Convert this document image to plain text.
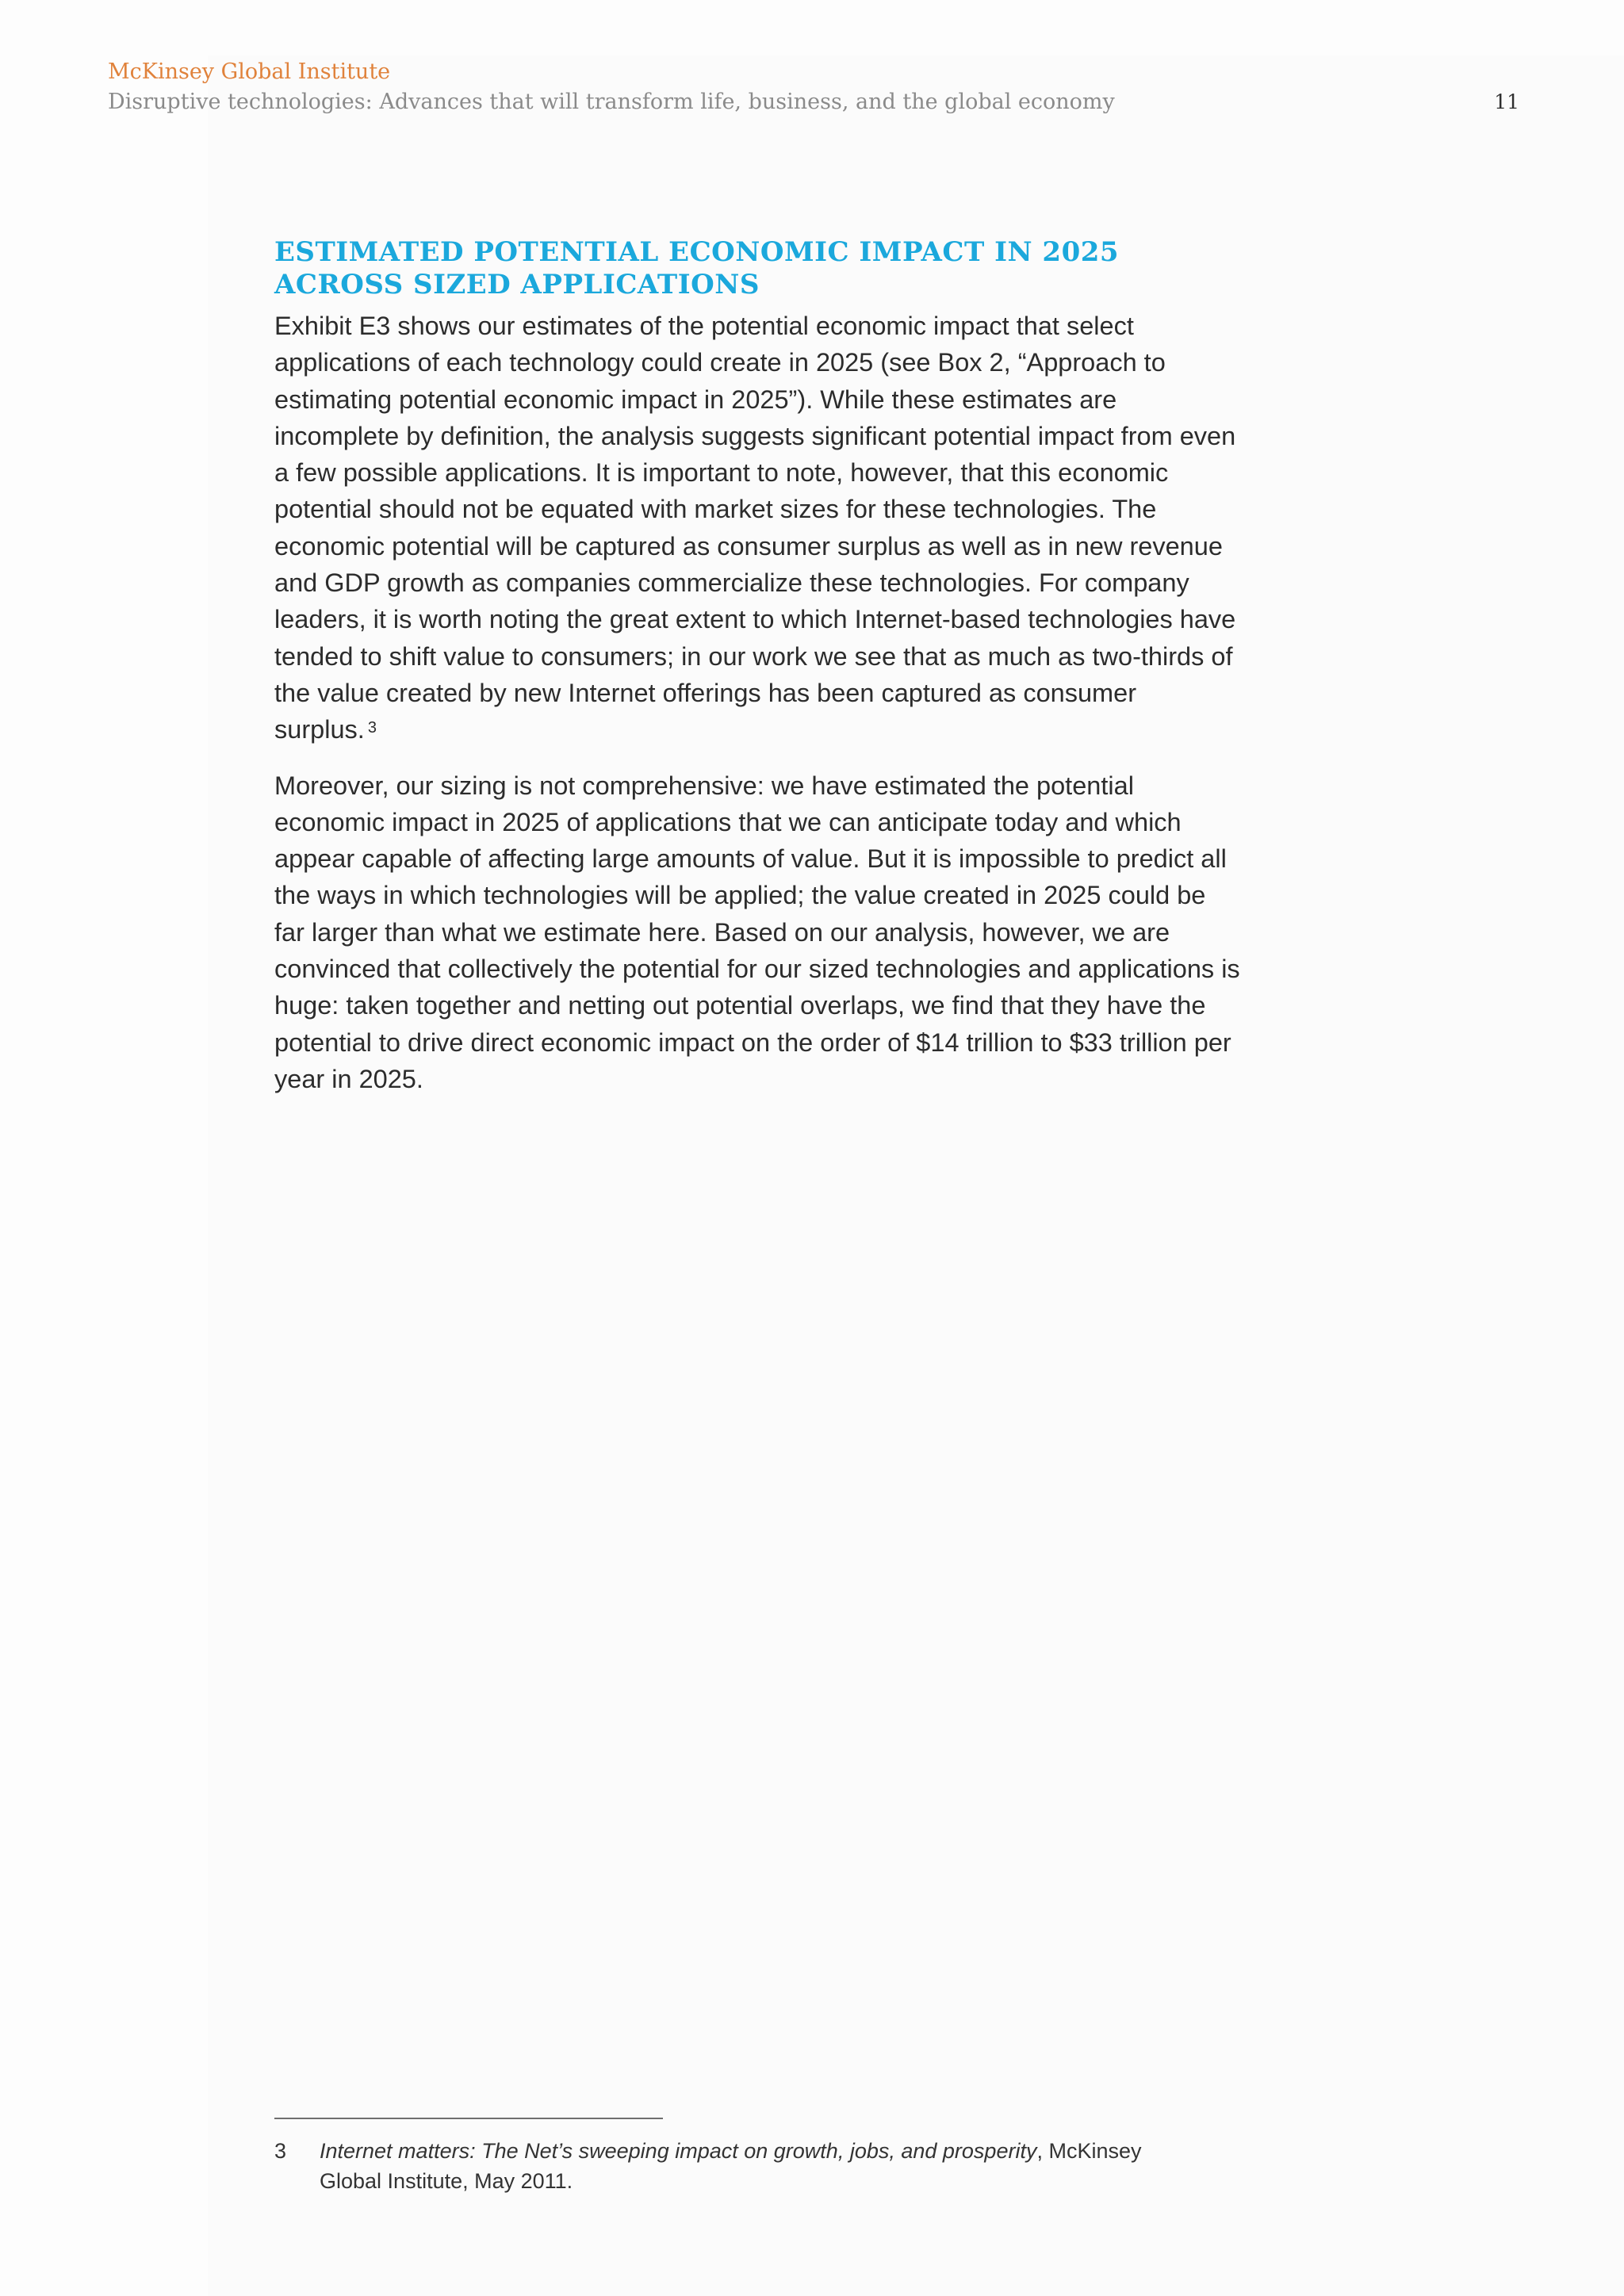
McKinsey Global Institute

Disruptive technologies: Advances that will transform life, business, and the global economy	11
ESTIMATED POTENTIAL ECONOMIC IMPACT IN 2025 ACROSS SIZED APPLICATIONS

Exhibit E3 shows our estimates of the potential economic impact that select applications of each technology could create in 2025 (see Box 2, “Approach to estimating potential economic impact in 2025”). While these estimates are incomplete by definition, the analysis suggests significant potential impact from even a few possible applications. It is important to note, however, that this economic potential should not be equated with market sizes for these technologies. The economic potential will be captured as consumer surplus as well as in new revenue and GDP growth as companies commercialize these technologies. For company leaders, it is worth noting the great extent to which Internet-based technologies have tended to shift value to consumers; in our work we see that as much as two-thirds of the value created by new Internet offerings has been captured as consumer surplus. $^3$

Moreover, our sizing is not comprehensive: we have estimated the potential economic impact in 2025 of applications that we can anticipate today and which appear capable of affecting large amounts of value. But it is impossible to predict all the ways in which technologies will be applied; the value created in 2025 could be far larger than what we estimate here. Based on our analysis, however, we are convinced that collectively the potential for our sized technologies and applications is huge: taken together and netting out potential overlaps, we find that they have the potential to drive direct economic impact on the order of $14 trillion to $33 trillion per year in 2025.

3	Internet matters: The Net’s sweeping impact on growth, jobs, and prosperity, McKinsey Global Institute, May 2011.
